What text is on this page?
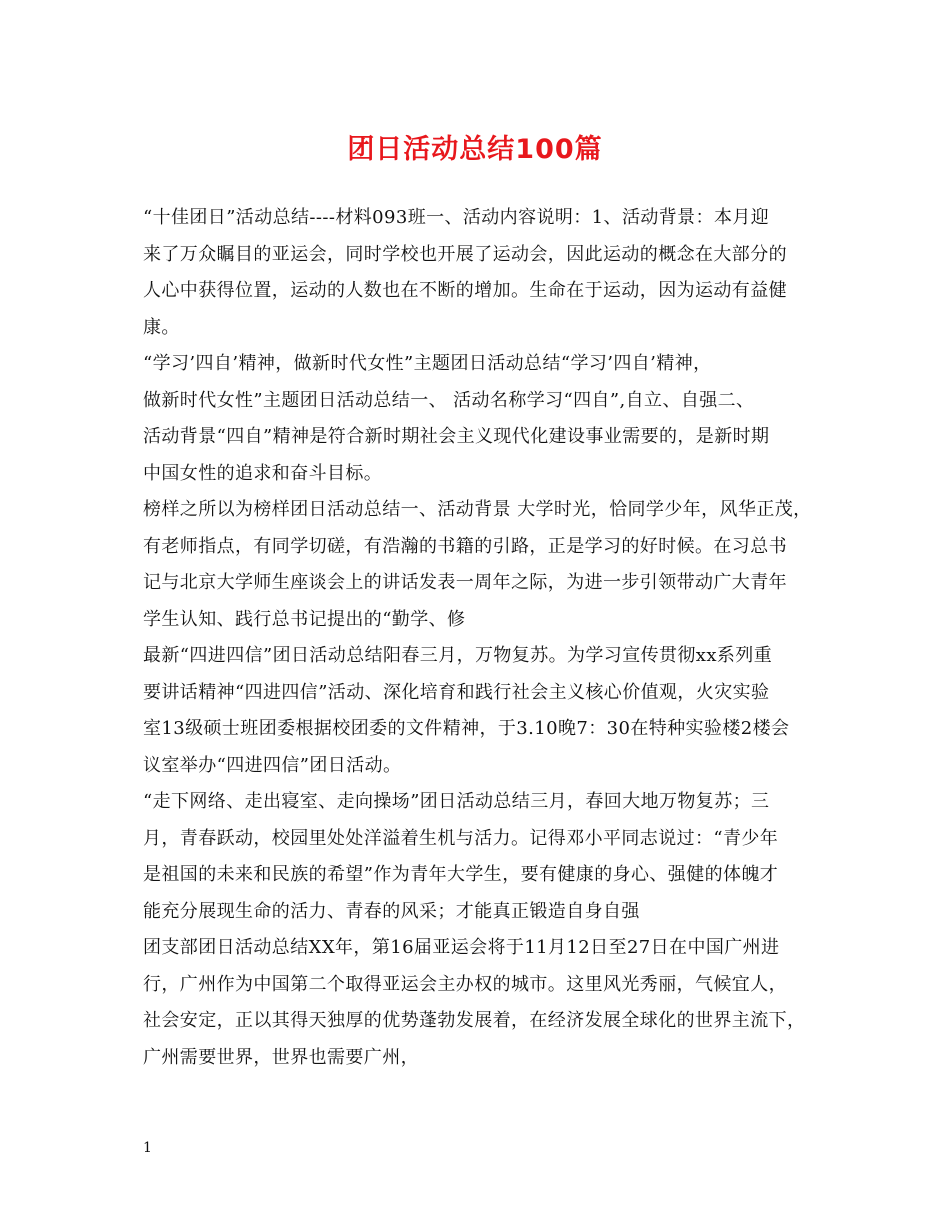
团日活动总结100篇
“十佳团日”活动总结----材料093班一、活动内容说明：1、活动背景：本月迎
来了万众瞩目的亚运会，同时学校也开展了运动会，因此运动的概念在大部分的
人心中获得位置，运动的人数也在不断的增加。生命在于运动，因为运动有益健
康。
“学习’四自’精神，做新时代女性”主题团日活动总结“学习’四自’精神，
做新时代女性”主题团日活动总结一、 活动名称学习“四自”,自立、自强二、
活动背景“四自”精神是符合新时期社会主义现代化建设事业需要的，是新时期
中国女性的追求和奋斗目标。
榜样之所以为榜样团日活动总结一、活动背景 大学时光，恰同学少年，风华正茂，
有老师指点，有同学切磋，有浩瀚的书籍的引路，正是学习的好时候。在习总书
记与北京大学师生座谈会上的讲话发表一周年之际，为进一步引领带动广大青年
学生认知、践行总书记提出的“勤学、修
最新“四进四信”团日活动总结阳春三月，万物复苏。为学习宣传贯彻xx系列重
要讲话精神“四进四信”活动、深化培育和践行社会主义核心价值观，火灾实验
室13级硕士班团委根据校团委的文件精神，于3.10晚7：30在特种实验楼2楼会
议室举办“四进四信”团日活动。
“走下网络、走出寝室、走向操场”团日活动总结三月，春回大地万物复苏；三
月，青春跃动，校园里处处洋溢着生机与活力。记得邓小平同志说过：“青少年
是祖国的未来和民族的希望”作为青年大学生，要有健康的身心、强健的体魄才
能充分展现生命的活力、青春的风采；才能真正锻造自身自强
团支部团日活动总结XX年，第16届亚运会将于11月12日至27日在中国广州进
行，广州作为中国第二个取得亚运会主办权的城市。这里风光秀丽，气候宜人，
社会安定，正以其得天独厚的优势蓬勃发展着，在经济发展全球化的世界主流下，
广州需要世界，世界也需要广州，
1
